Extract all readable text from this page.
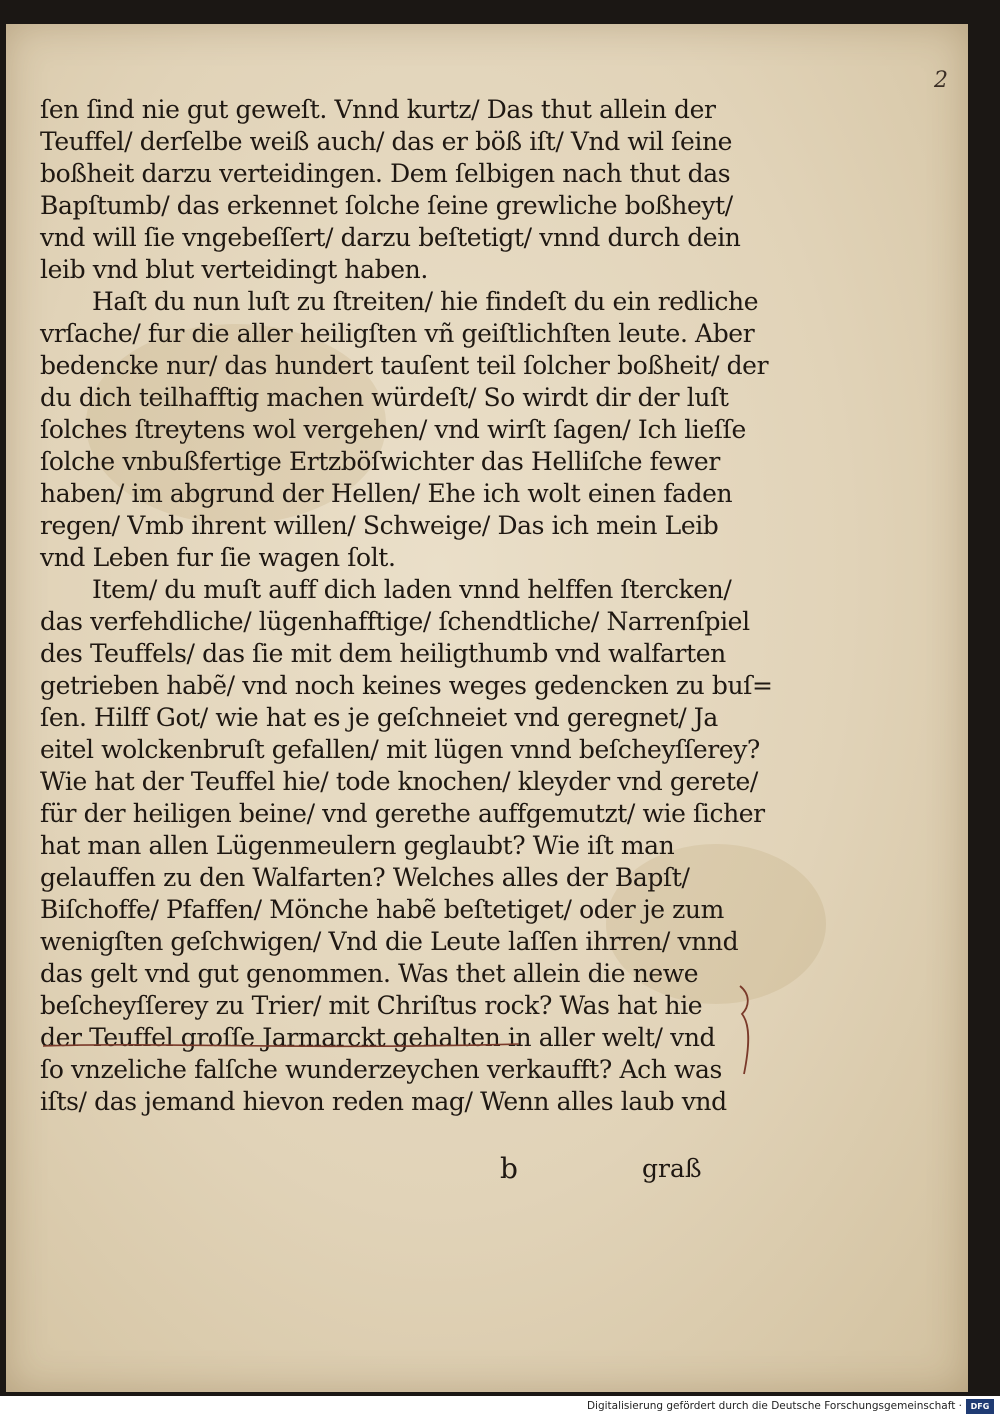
2
ſen ſind nie gut geweſt. Vnnd kurtz/ Das thut allein der
Teuffel/ derſelbe weiß auch/ das er böß iſt/ Vnd wil ſeine
boßheit darzu verteidingen. Dem ſelbigen nach thut das
Bapſtumb/ das erkennet ſolche ſeine grewliche boßheyt/
vnd will ſie vngebeſſert/ darzu beſtetigt/ vnnd durch dein
leib vnd blut verteidingt haben.
Haſt du nun luſt zu ſtreiten/ hie findeſt du ein redliche
vrſache/ fur die aller heiligſten vñ geiſtlichſten leute. Aber
bedencke nur/ das hundert tauſent teil ſolcher boßheit/ der
du dich teilhafftig machen würdeſt/ So wirdt dir der luſt
ſolches ſtreytens wol vergehen/ vnd wirſt ſagen/ Ich lieſſe
ſolche vnbußfertige Ertzböſwichter das Helliſche fewer
haben/ im abgrund der Hellen/ Ehe ich wolt einen faden
regen/ Vmb ihrent willen/ Schweige/ Das ich mein Leib
vnd Leben fur ſie wagen ſolt.
Item/ du muſt auff dich laden vnnd helffen ſtercken/
das verfehdliche/ lügenhafftige/ ſchendtliche/ Narrenſpiel
des Teuffels/ das ſie mit dem heiligthumb vnd walfarten
getrieben habẽ/ vnd noch keines weges gedencken zu buſ=
ſen. Hilff Got/ wie hat es je geſchneiet vnd geregnet/ Ja
eitel wolckenbruſt gefallen/ mit lügen vnnd beſcheyſſerey?
Wie hat der Teuffel hie/ tode knochen/ kleyder vnd gerete/
für der heiligen beine/ vnd gerethe auffgemutzt/ wie ſicher
hat man allen Lügenmeulern geglaubt? Wie iſt man
gelauffen zu den Walfarten? Welches alles der Bapſt/
Biſchoffe/ Pfaffen/ Mönche habẽ beſtetiget/ oder je zum
wenigſten geſchwigen/ Vnd die Leute laſſen ihrren/ vnnd
das gelt vnd gut genommen. Was thet allein die newe
beſcheyſſerey zu Trier/ mit Chriſtus rock? Was hat hie
der Teuffel groſſe Jarmarckt gehalten in aller welt/ vnd
ſo vnzeliche falſche wunderzeychen verkaufft? Ach was
iſts/ das jemand hievon reden mag/ Wenn alles laub vnd
b	graß
Digitalisierung gefördert durch die Deutsche Forschungsgemeinschaft ·	DFG
